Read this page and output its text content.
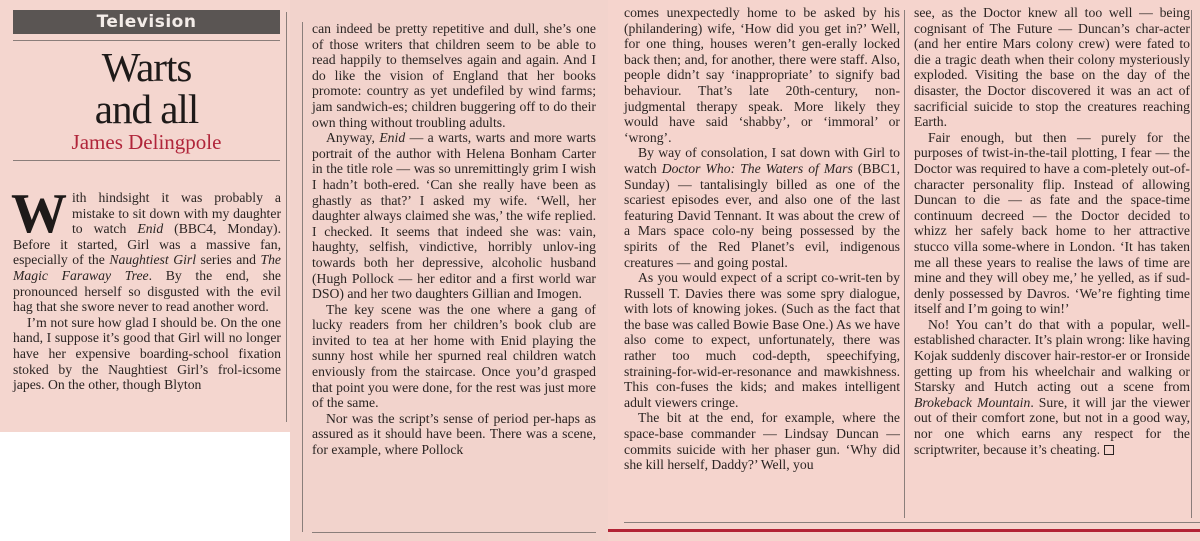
Television
Warts
and all
James Delingpole

With hindsight it was probably a mistake to sit down with my daughter to watch Enid (BBC4, Monday). Before it started, Girl was a massive fan, especially of the Naughtiest Girl series and The Magic Faraway Tree. By the end, she pronounced herself so disgusted with the evil hag that she swore never to read another word.

I’m not sure how glad I should be. On the one hand, I suppose it’s good that Girl will no longer have her expensive boarding-school fixation stoked by the Naughtiest Girl’s frol-icsome japes. On the other, though Blyton

can indeed be pretty repetitive and dull, she’s one of those writers that children seem to be able to read happily to themselves again and again. And I do like the vision of England that her books promote: country as yet undefiled by wind farms; jam sandwich-es; children buggering off to do their own thing without troubling adults.

Anyway, Enid — a warts, warts and more warts portrait of the author with Helena Bonham Carter in the title role — was so unremittingly grim I wish I hadn’t both-ered. ‘Can she really have been as ghastly as that?’ I asked my wife. ‘Well, her daughter always claimed she was,’ the wife replied. I checked. It seems that indeed she was: vain, haughty, selfish, vindictive, horribly unlov-ing towards both her depressive, alcoholic husband (Hugh Pollock — her editor and a first world war DSO) and her two daughters Gillian and Imogen.

The key scene was the one where a gang of lucky readers from her children’s book club are invited to tea at her home with Enid playing the sunny host while her spurned real children watch enviously from the staircase. Once you’d grasped that point you were done, for the rest was just more of the same.

Nor was the script’s sense of period per-haps as assured as it should have been. There was a scene, for example, where Pollock

comes unexpectedly home to be asked by his (philandering) wife, ‘How did you get in?’ Well, for one thing, houses weren’t gen-erally locked back then; and, for another, there were staff. Also, people didn’t say ‘inappropriate’ to signify bad behaviour. That’s late 20th-century, non-judgmental therapy speak. More likely they would have said ‘shabby’, or ‘immoral’ or ‘wrong’.

By way of consolation, I sat down with Girl to watch Doctor Who: The Waters of Mars (BBC1, Sunday) — tantalisingly billed as one of the scariest episodes ever, and also one of the last featuring David Tennant. It was about the crew of a Mars space colo-ny being possessed by the spirits of the Red Planet’s evil, indigenous creatures — and going postal.

As you would expect of a script co-writ-ten by Russell T. Davies there was some spry dialogue, with lots of knowing jokes. (Such as the fact that the base was called Bowie Base One.) As we have also come to expect, unfortunately, there was rather too much cod-depth, speechifying, straining-for-wid-er-resonance and mawkishness. This con-fuses the kids; and makes intelligent adult viewers cringe.

The bit at the end, for example, where the space-base commander — Lindsay Duncan — commits suicide with her phaser gun. ‘Why did she kill herself, Daddy?’ Well, you

see, as the Doctor knew all too well — being cognisant of The Future — Duncan’s char-acter (and her entire Mars colony crew) were fated to die a tragic death when their colony mysteriously exploded. Visiting the base on the day of the disaster, the Doctor discovered it was an act of sacrificial suicide to stop the creatures reaching Earth.

Fair enough, but then — purely for the purposes of twist-in-the-tail plotting, I fear — the Doctor was required to have a com-pletely out-of-character personality flip. Instead of allowing Duncan to die — as fate and the space-time continuum decreed — the Doctor decided to whizz her safely back home to her attractive stucco villa some-where in London. ‘It has taken me all these years to realise the laws of time are mine and they will obey me,’ he yelled, as if sud-denly possessed by Davros. ‘We’re fighting time itself and I’m going to win!’

No! You can’t do that with a popular, well-established character. It’s plain wrong: like having Kojak suddenly discover hair-restor-er or Ironside getting up from his wheelchair and walking or Starsky and Hutch acting out a scene from Brokeback Mountain. Sure, it will jar the viewer out of their comfort zone, but not in a good way, nor one which earns any respect for the scriptwriter, because it’s cheating.
